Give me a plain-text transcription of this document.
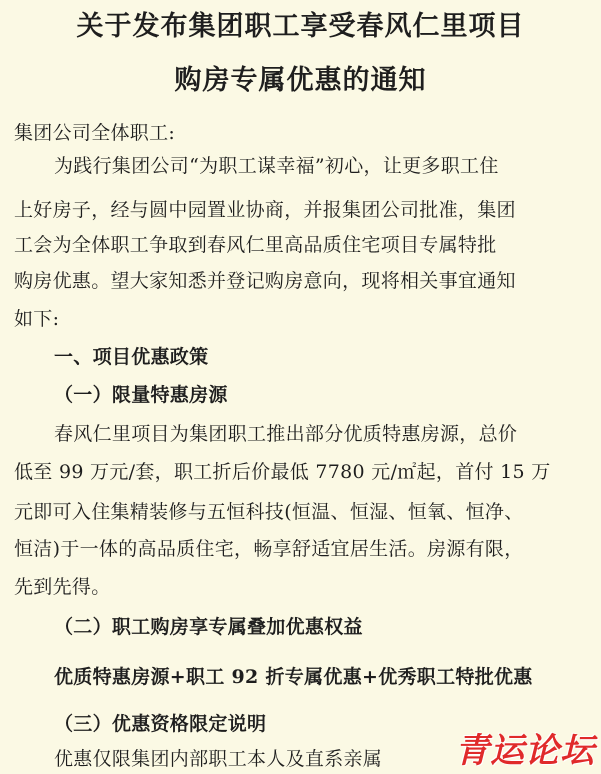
关于发布集团职工享受春风仁里项目
购房专属优惠的通知
集团公司全体职工:
为践行集团公司“为职工谋幸福”初心，让更多职工住
上好房子，经与圆中园置业协商，并报集团公司批准，集团
工会为全体职工争取到春风仁里高品质住宅项目专属特批
购房优惠。望大家知悉并登记购房意向，现将相关事宜通知
如下:
一、项目优惠政策
（一）限量特惠房源
春风仁里项目为集团职工推出部分优质特惠房源，总价
低至 99 万元/套，职工折后价最低 7780 元/㎡起，首付 15 万
元即可入住集精装修与五恒科技(恒温、恒湿、恒氧、恒净、
恒洁)于一体的高品质住宅，畅享舒适宜居生活。房源有限，
先到先得。
（二）职工购房享专属叠加优惠权益
优质特惠房源+职工 92 折专属优惠+优秀职工特批优惠
（三）优惠资格限定说明
优惠仅限集团内部职工本人及直系亲属 青运论坛
